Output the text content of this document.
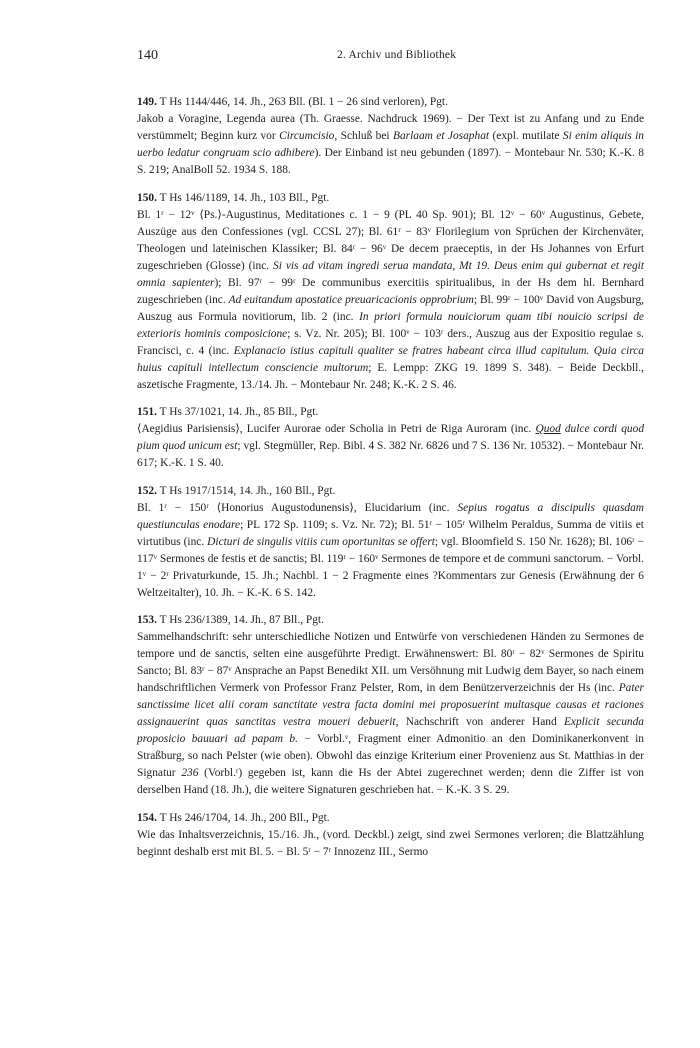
140	2. Archiv und Bibliothek
149. T Hs 1144/446, 14. Jh., 263 Bll. (Bl. 1 − 26 sind verloren), Pgt.
Jakob a Voragine, Legenda aurea (Th. Graesse. Nachdruck 1969). − Der Text ist zu Anfang und zu Ende verstümmelt; Beginn kurz vor Circumcisio, Schluß bei Barlaam et Josaphat (expl. mutilate Si enim aliquis in uerbo ledatur congruam scio adhibere). Der Einband ist neu gebunden (1897). − Montebaur Nr. 530; K.-K. 8 S. 219; AnalBoll 52. 1934 S. 188.
150. T Hs 146/1189, 14. Jh., 103 Bll., Pgt.
Bl. 1ʳ − 12ᵛ ⟨Ps.⟩-Augustinus, Meditationes c. 1 − 9 (PL 40 Sp. 901); Bl. 12ᵛ − 60ᵛ Augustinus, Gebete, Auszüge aus den Confessiones (vgl. CCSL 27); Bl. 61ʳ − 83ᵛ Florilegium von Sprüchen der Kirchenväter, Theologen und lateinischen Klassiker; Bl. 84ʳ − 96ᵛ De decem praeceptis, in der Hs Johannes von Erfurt zugeschrieben (Glosse) (inc. Si vis ad vitam ingredi serua mandata, Mt 19. Deus enim qui gubernat et regit omnia sapienter); Bl. 97ʳ − 99ʳ De communibus exercitiis spiritualibus, in der Hs dem hl. Bernhard zugeschrieben (inc. Ad euitandum apostatice preuaricacionis opprobrium; Bl. 99ʳ − 100ᵛ David von Augsburg, Auszug aus Formula novitiorum, lib. 2 (inc. In priori formula nouiciorum quam tibi nouicio scripsi de exterioris hominis composicione; s. Vz. Nr. 205); Bl. 100ᵛ − 103ʳ ders., Auszug aus der Expositio regulae s. Francisci, c. 4 (inc. Explanacio istius capituli qualiter se fratres habeant circa illud capitulum. Quia circa huius capituli intellectum consciencie multorum; E. Lempp: ZKG 19. 1899 S. 348). − Beide Deckbll., aszetische Fragmente, 13./14. Jh. − Montebaur Nr. 248; K.-K. 2 S. 46.
151. T Hs 37/1021, 14. Jh., 85 Bll., Pgt.
⟨Aegidius Parisiensis⟩, Lucifer Aurorae oder Scholia in Petri de Riga Auroram (inc. Quod dulce cordi quod pium quod unicum est; vgl. Stegmüller, Rep. Bibl. 4 S. 382 Nr. 6826 und 7 S. 136 Nr. 10532). − Montebaur Nr. 617; K.-K. 1 S. 40.
152. T Hs 1917/1514, 14. Jh., 160 Bll., Pgt.
Bl. 1ʳ − 150ʳ ⟨Honorius Augustodunensis⟩, Elucidarium (inc. Sepius rogatus a discipulis quasdam questiunculas enodare; PL 172 Sp. 1109; s. Vz. Nr. 72); Bl. 51ʳ − 105ʳ Wilhelm Peraldus, Summa de vitiis et virtutibus (inc. Dicturi de singulis vitiis cum oportunitas se offert; vgl. Bloomfield S. 150 Nr. 1628); Bl. 106ʳ − 117ᵛ Sermones de festis et de sanctis; Bl. 119ʳ − 160ᵛ Sermones de tempore et de communi sanctorum. − Vorbl. 1ᵛ − 2ʳ Privaturkunde, 15. Jh.; Nachbl. 1 − 2 Fragmente eines ?Kommentars zur Genesis (Erwähnung der 6 Weltzeitalter), 10. Jh. − K.-K. 6 S. 142.
153. T Hs 236/1389, 14. Jh., 87 Bll., Pgt.
Sammelhandschrift: sehr unterschiedliche Notizen und Entwürfe von verschiedenen Händen zu Sermones de tempore und de sanctis, selten eine ausgeführte Predigt. Erwähnenswert: Bl. 80ʳ − 82ᵛ Sermones de Spiritu Sancto; Bl. 83ʳ − 87ᵛ Ansprache an Papst Benedikt XII. um Versöhnung mit Ludwig dem Bayer, so nach einem handschriftlichen Vermerk von Professor Franz Pelster, Rom, in dem Benützerverzeichnis der Hs (inc. Pater sanctissime licet alii coram sanctitate vestra facta domini mei proposuerint multasque causas et raciones assignauerint quas sanctitas vestra moueri debuerit, Nachschrift von anderer Hand Explicit secunda proposicio bauuari ad papam b. − Vorbl.ᵛ, Fragment einer Admonitio an den Dominikanerkonvent in Straßburg, so nach Pelster (wie oben). Obwohl das einzige Kriterium einer Provenienz aus St. Matthias in der Signatur 236 (Vorbl.ʳ) gegeben ist, kann die Hs der Abtei zugerechnet werden; denn die Ziffer ist von derselben Hand (18. Jh.), die weitere Signaturen geschrieben hat. − K.-K. 3 S. 29.
154. T Hs 246/1704, 14. Jh., 200 Bll., Pgt.
Wie das Inhaltsverzeichnis, 15./16. Jh., (vord. Deckbl.) zeigt, sind zwei Sermones verloren; die Blattzählung beginnt deshalb erst mit Bl. 5. − Bl. 5ʳ − 7ʳ Innozenz III., Sermo
